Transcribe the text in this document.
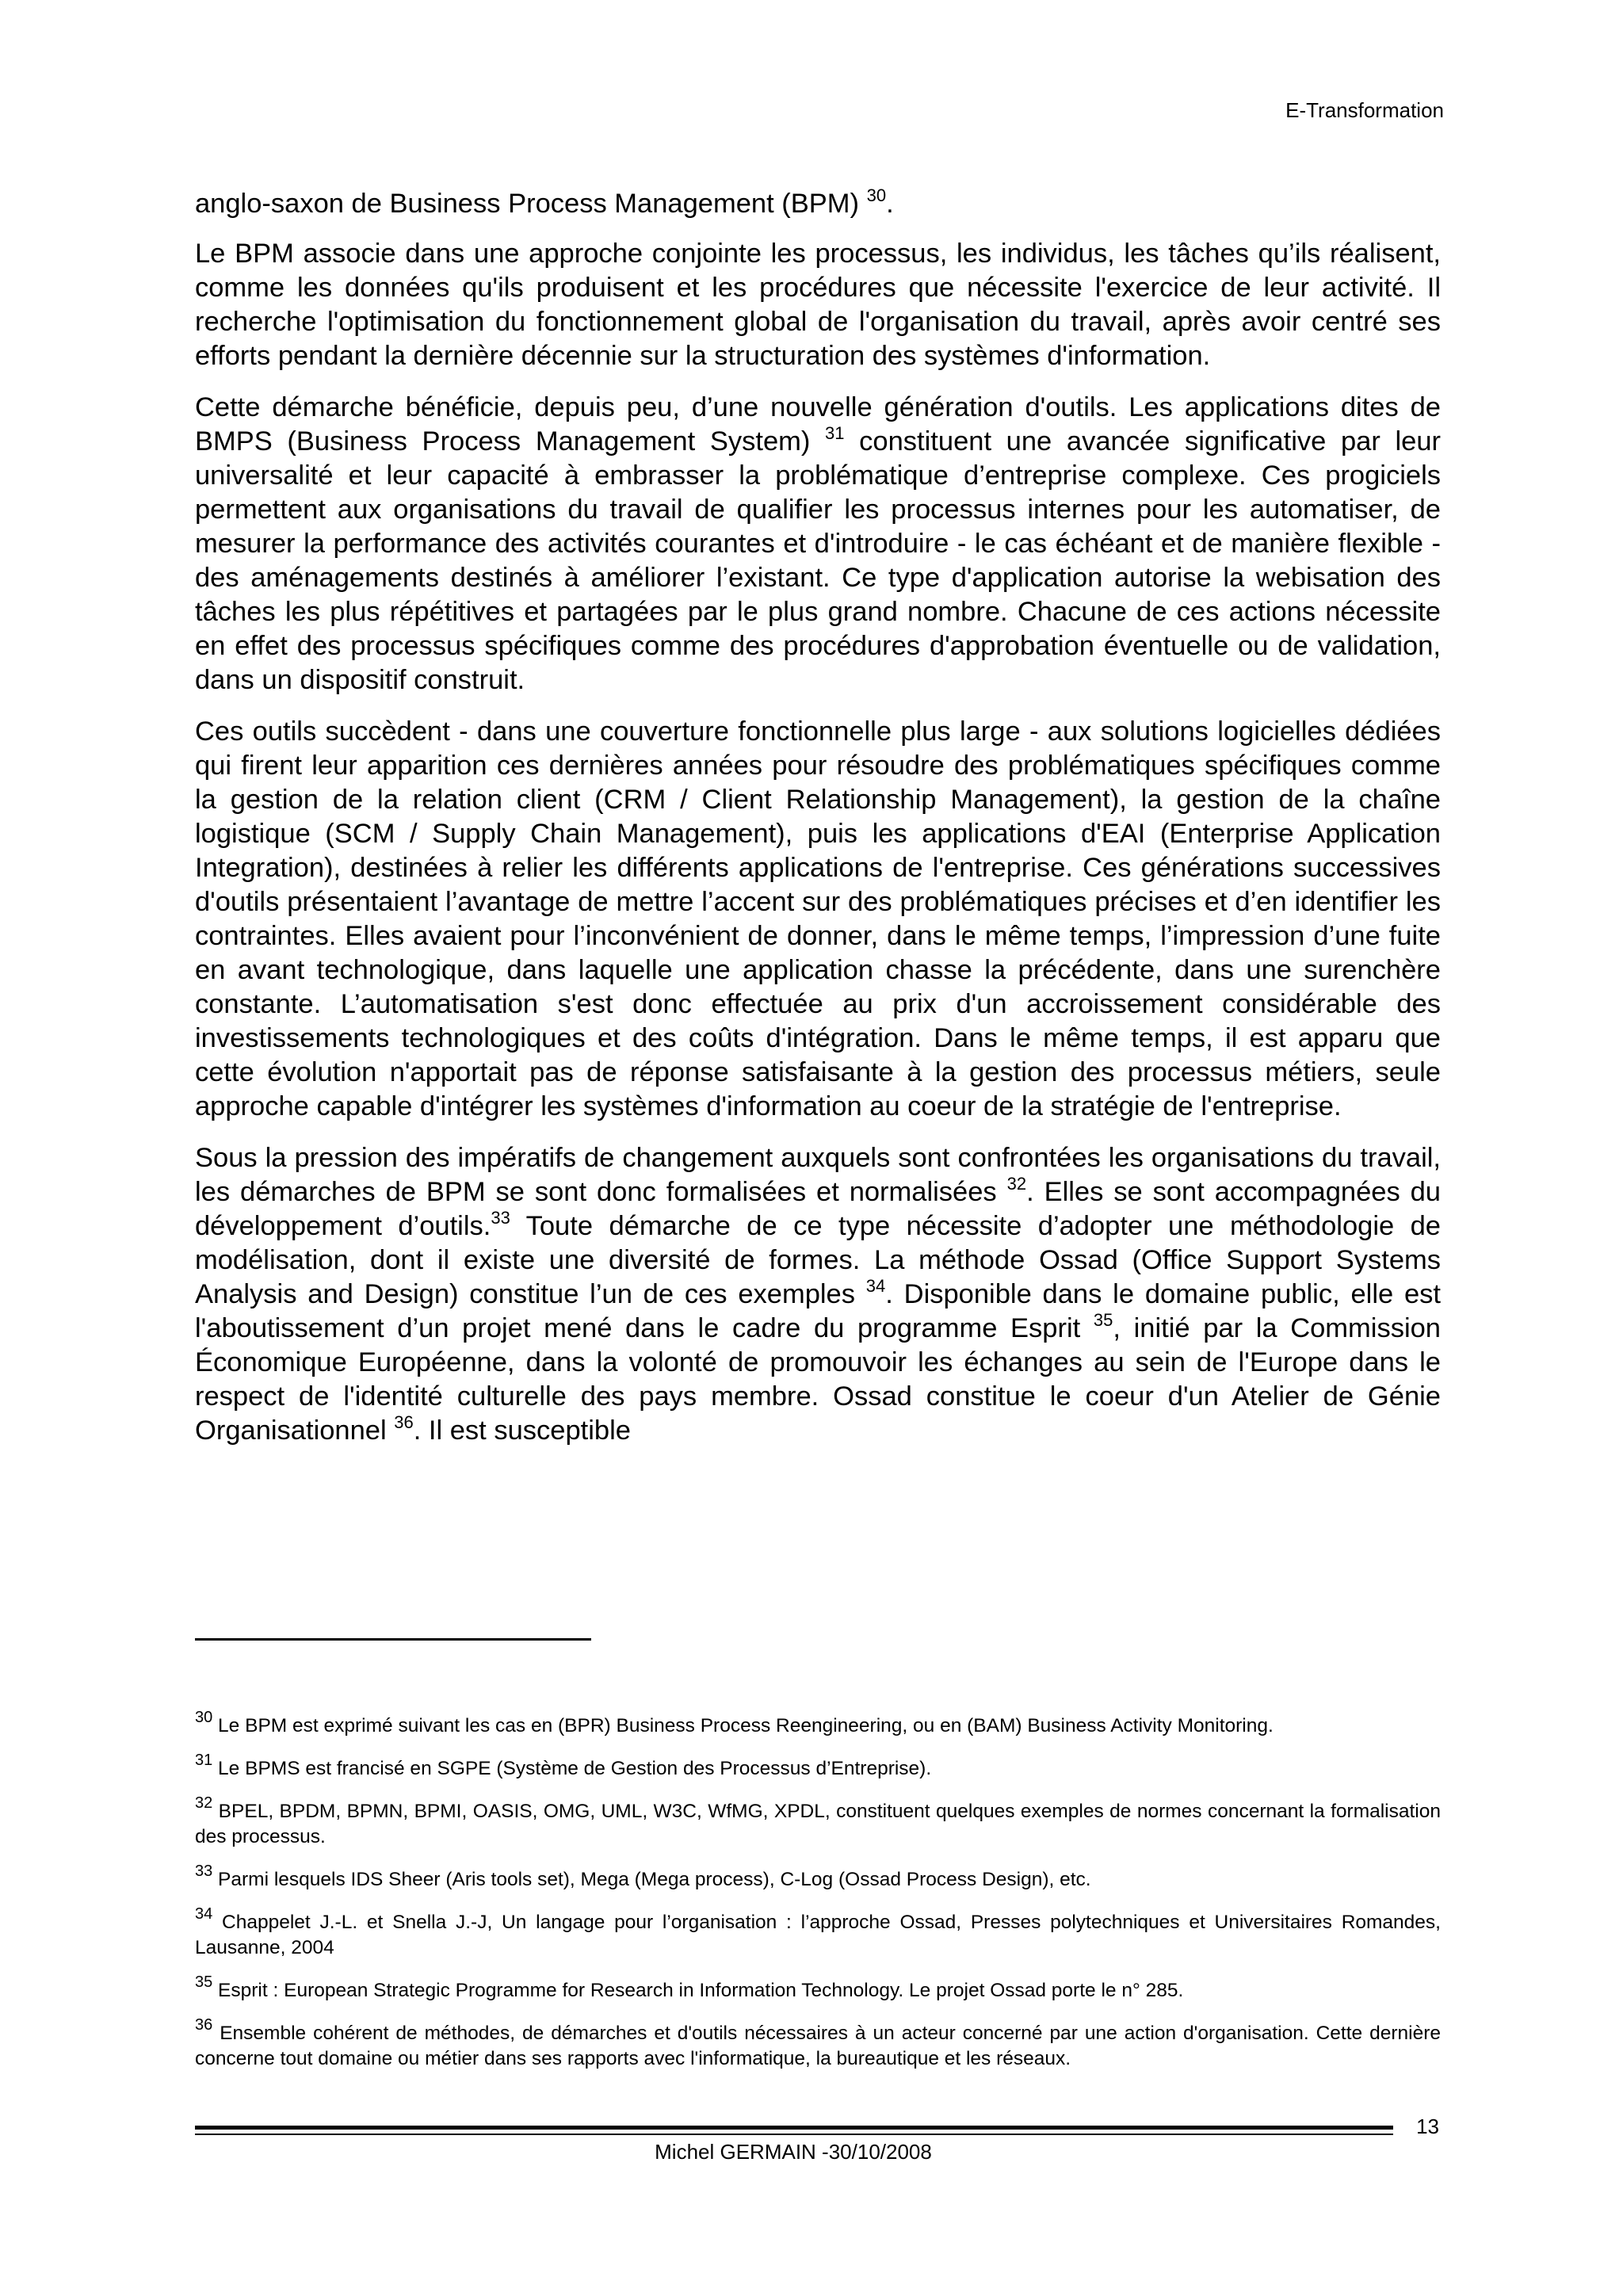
E-Transformation

anglo-saxon de Business Process Management (BPM) $^{30}$.

Le BPM associe dans une approche conjointe les processus, les individus, les tâches qu’ils réalisent, comme les données qu'ils produisent et les procédures que nécessite l'exercice de leur activité. Il recherche l'optimisation du fonctionnement global de l'organisation du travail, après avoir centré ses efforts pendant la dernière décennie sur la structuration des systèmes d'information.

Cette démarche bénéficie, depuis peu, d’une nouvelle génération d'outils. Les applications dites de BMPS (Business Process Management System) $^{31}$ constituent une avancée significative par leur universalité et leur capacité à embrasser la problématique d’entreprise complexe. Ces progiciels permettent aux organisations du travail de qualifier les processus internes pour les automatiser, de mesurer la performance des activités courantes et d'introduire - le cas échéant et de manière flexible - des aménagements destinés à améliorer l’existant. Ce type d'application autorise la webisation des tâches les plus répétitives et partagées par le plus grand nombre. Chacune de ces actions nécessite en effet des processus spécifiques comme des procédures d'approbation éventuelle ou de validation, dans un dispositif construit.

Ces outils succèdent - dans une couverture fonctionnelle plus large - aux solutions logicielles dédiées qui firent leur apparition ces dernières années pour résoudre des problématiques spécifiques comme la gestion de la relation client (CRM / Client Relationship Management), la gestion de la chaîne logistique (SCM / Supply Chain Management), puis les applications d'EAI (Enterprise Application Integration), destinées à relier les différents applications de l'entreprise. Ces générations successives d'outils présentaient l’avantage de mettre l’accent sur des problématiques précises et d’en identifier les contraintes. Elles avaient pour l’inconvénient de donner, dans le même temps, l’impression d’une fuite en avant technologique, dans laquelle une application chasse la précédente, dans une surenchère constante. L’automatisation s'est donc effectuée au prix d'un accroissement considérable des investissements technologiques et des coûts d'intégration. Dans le même temps, il est apparu que cette évolution n'apportait pas de réponse satisfaisante à la gestion des processus métiers, seule approche capable d'intégrer les systèmes d'information au coeur de la stratégie de l'entreprise.

Sous la pression des impératifs de changement auxquels sont confrontées les organisations du travail, les démarches de BPM se sont donc formalisées et normalisées $^{32}$. Elles se sont accompagnées du développement d’outils.$^{33}$ Toute démarche de ce type nécessite d’adopter une méthodologie de modélisation, dont il existe une diversité de formes. La méthode Ossad (Office Support Systems Analysis and Design) constitue l’un de ces exemples $^{34}$. Disponible dans le domaine public, elle est l'aboutissement d’un projet mené dans le cadre du programme Esprit $^{35}$, initié par la Commission Économique Européenne, dans la volonté de promouvoir les échanges au sein de l'Europe dans le respect de l'identité culturelle des pays membre. Ossad constitue le coeur d'un Atelier de Génie Organisationnel $^{36}$. Il est susceptible

$^{30}$ Le BPM est exprimé suivant les cas en (BPR) Business Process Reengineering, ou en (BAM) Business Activity Monitoring.

$^{31}$ Le BPMS est francisé en SGPE (Système de Gestion des Processus d’Entreprise).

$^{32}$ BPEL, BPDM, BPMN, BPMI, OASIS, OMG, UML, W3C, WfMG, XPDL, constituent quelques exemples de normes concernant la formalisation des processus.

$^{33}$ Parmi lesquels IDS Sheer (Aris tools set), Mega (Mega process), C-Log (Ossad Process Design), etc.

$^{34}$ Chappelet J.-L. et Snella J.-J, Un langage pour l’organisation : l’approche Ossad, Presses polytechniques et Universitaires Romandes, Lausanne, 2004

$^{35}$ Esprit : European Strategic Programme for Research in Information Technology. Le projet Ossad porte le n° 285.

$^{36}$ Ensemble cohérent de méthodes, de démarches et d'outils nécessaires à un acteur concerné par une action d'organisation. Cette dernière concerne tout domaine ou métier dans ses rapports avec l'informatique, la bureautique et les réseaux.

Michel GERMAIN -30/10/2008
13
